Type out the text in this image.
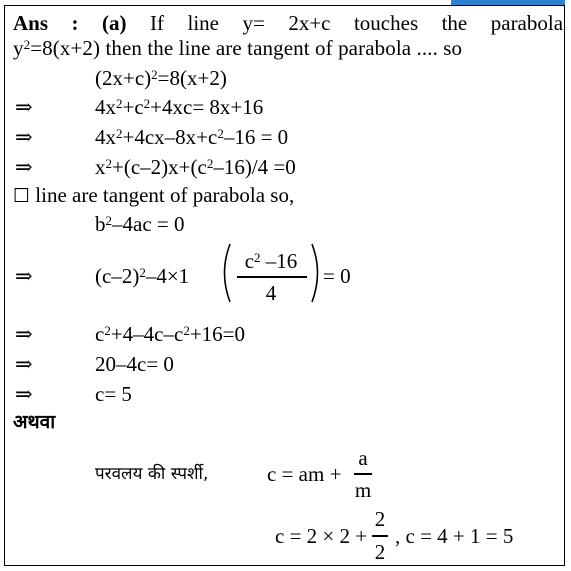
Ans : (a) If line y= 2x+c touches the parabola
$y^2=8(x+2)$ then the line are tangent of parabola .... so
$(2x+c)^2=8(x+2)$
⇒	$4x^2+c^2+4xc= 8x+16$
⇒	$4x^2+4cx-8x+c^2-16 = 0$
⇒	$x^2+(c-2)x+(c^2-16)/4 =0$
☐ line are tangent of parabola so,
$b^2-4ac = 0$
⇒	$(c-2)^2-4\times 1$
$c^2$ –16
4
= 0
⇒	$c^2+4-4c-c^2+16=0$
⇒	20–4c= 0
⇒	c= 5
अथवा
परवलय की स्पर्शी,	c = am +
a
m
c = 2 × 2 +
2
2
, c = 4 + 1 = 5
